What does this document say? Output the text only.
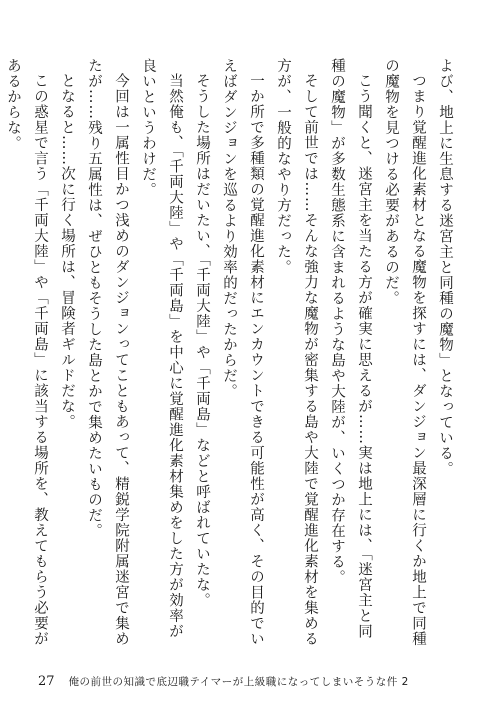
よび、地上に生息する迷宮主と同種の魔物」となっている。

つまり覚醒進化素材となる魔物を探すには、ダンジョン最深層に行くか地上で同種の魔物を見つける必要があるのだ。

こう聞くと、迷宮主を当たる方が確実に思えるが……実は地上には、「迷宮主と同種の魔物」が多数生態系に含まれるような島や大陸が、いくつか存在する。

そして前世では……そんな強力な魔物が密集する島や大陸で覚醒進化素材を集める方が、一般的なやり方だった。

一か所で多種類の覚醒進化素材にエンカウントできる可能性が高く、その目的でいえばダンジョンを巡るより効率的だったからだ。

そうした場所はだいたい、「千両大陸」や「千両島」などと呼ばれていたな。

当然俺も、「千両大陸」や「千両島」を中心に覚醒進化素材集めをした方が効率が良いというわけだ。

今回は一属性目かつ浅めのダンジョンってこともあって、精鋭学院附属迷宮で集めたが……残り五属性は、ぜひともそうした島とかで集めたいものだ。

となると……次に行く場所は、冒険者ギルドだな。

この惑星で言う「千両大陸」や「千両島」に該当する場所を、教えてもらう必要があるからな。

27 俺の前世の知識で底辺職テイマーが上級職になってしまいそうな件 2
